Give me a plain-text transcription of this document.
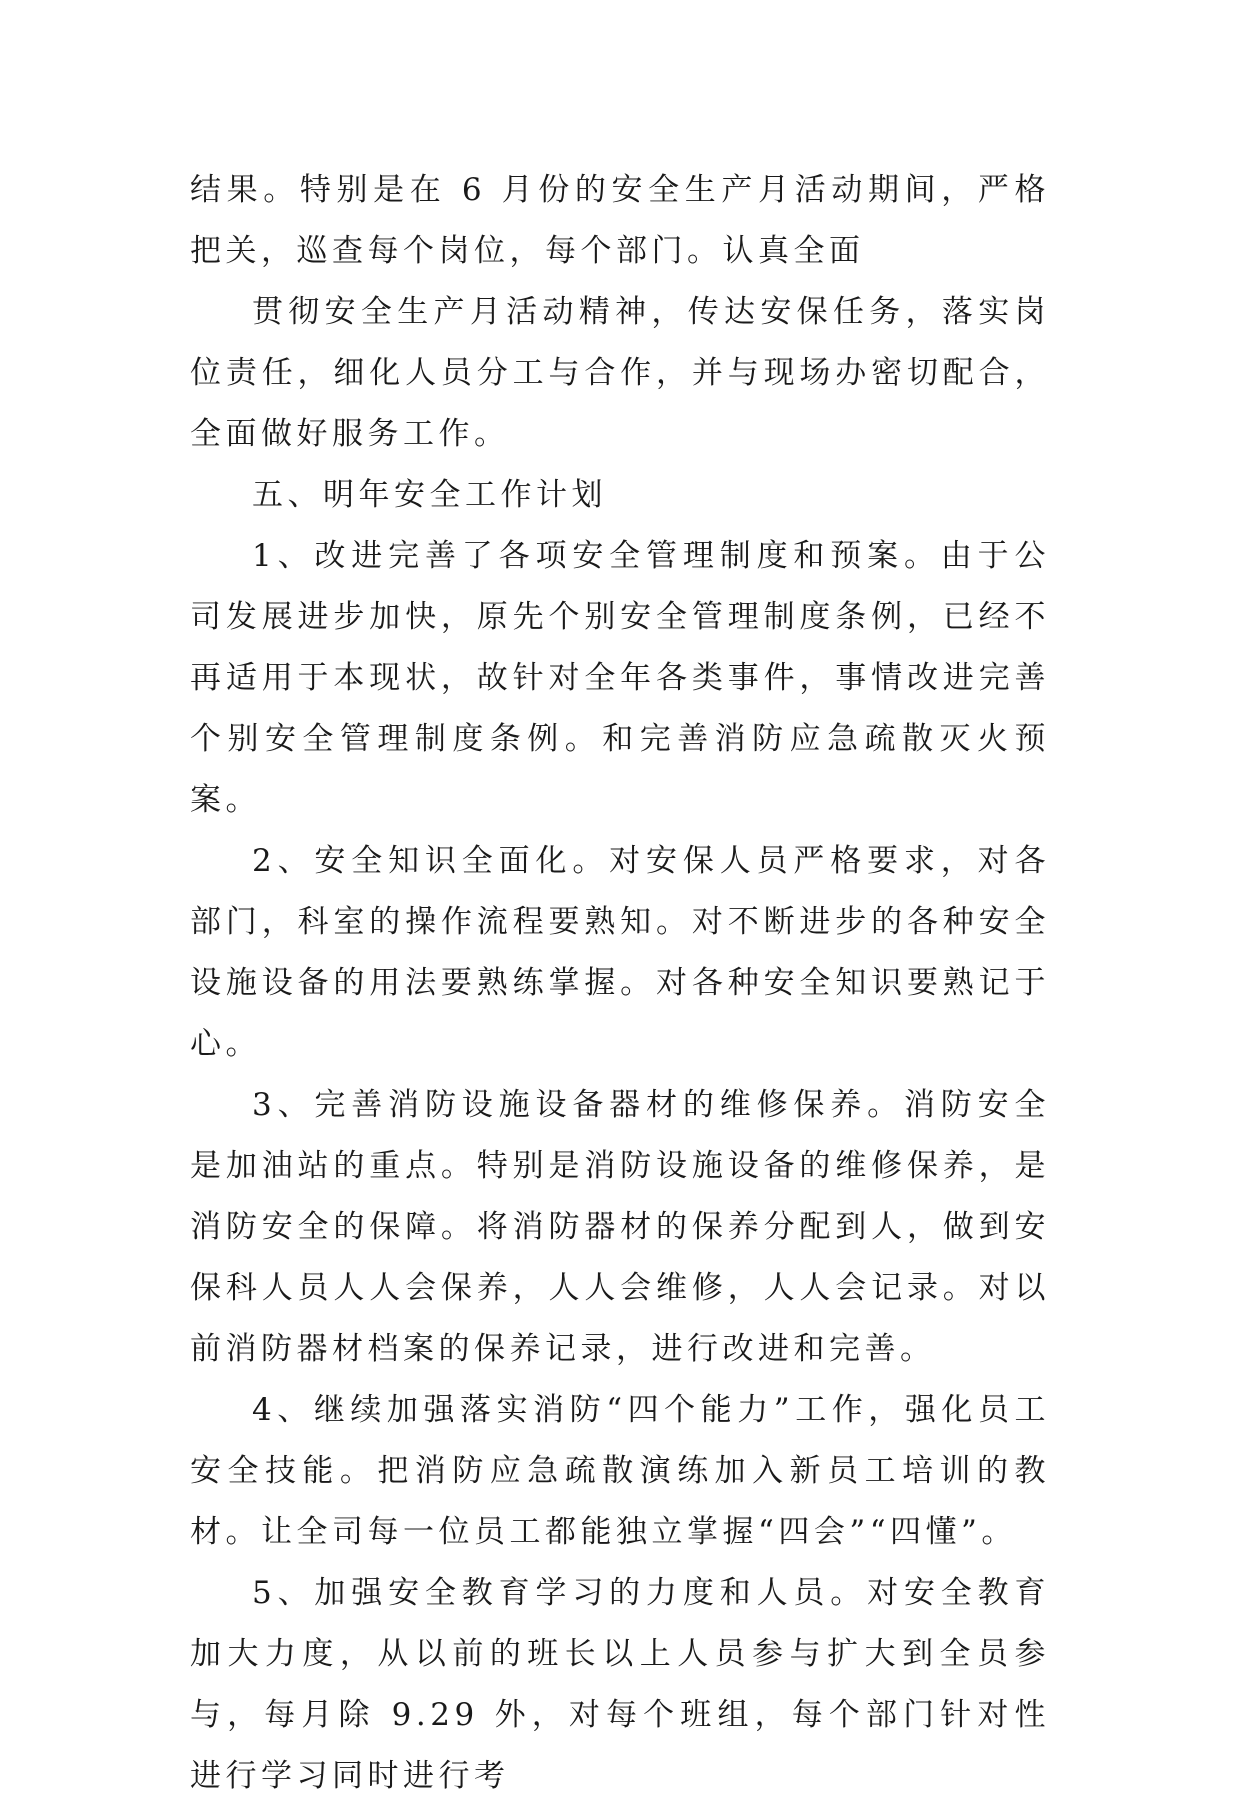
结果。特别是在 6 月份的安全生产月活动期间，严格把关，巡查每个岗位，每个部门。认真全面

贯彻安全生产月活动精神，传达安保任务，落实岗位责任，细化人员分工与合作，并与现场办密切配合，全面做好服务工作。

五、明年安全工作计划

1、改进完善了各项安全管理制度和预案。由于公司发展进步加快，原先个别安全管理制度条例，已经不再适用于本现状，故针对全年各类事件，事情改进完善个别安全管理制度条例。和完善消防应急疏散灭火预案。

2、安全知识全面化。对安保人员严格要求，对各部门，科室的操作流程要熟知。对不断进步的各种安全设施设备的用法要熟练掌握。对各种安全知识要熟记于心。

3、完善消防设施设备器材的维修保养。消防安全是加油站的重点。特别是消防设施设备的维修保养，是消防安全的保障。将消防器材的保养分配到人，做到安保科人员人人会保养，人人会维修，人人会记录。对以前消防器材档案的保养记录，进行改进和完善。

4、继续加强落实消防“四个能力”工作，强化员工安全技能。把消防应急疏散演练加入新员工培训的教材。让全司每一位员工都能独立掌握“四会”“四懂”。

5、加强安全教育学习的力度和人员。对安全教育加大力度，从以前的班长以上人员参与扩大到全员参与，每月除 9.29 外，对每个班组，每个部门针对性进行学习同时进行考
